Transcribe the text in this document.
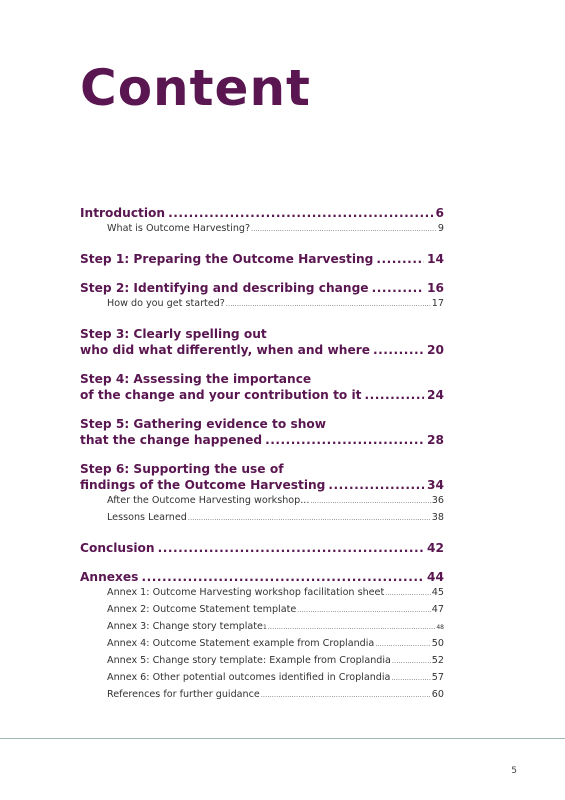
Content
Introduction .....	6
What is Outcome Harvesting? .....	9
Step 1: Preparing the Outcome Harvesting .....	14
Step 2: Identifying and describing change .....	16
How do you get started? .....	17
Step 3: Clearly spelling out
who did what differently, when and where .....	20
Step 4: Assessing the importance
of the change and your contribution to it .....	24
Step 5: Gathering evidence to show
that the change happened .....	28
Step 6: Supporting the use of
findings of the Outcome Harvesting .....	34
After the Outcome Harvesting workshop... .....	36
Lessons Learned .....	38
Conclusion .....	42
Annexes .....	44
Annex 1: Outcome Harvesting workshop facilitation sheet .....	45
Annex 2: Outcome Statement template .....	47
Annex 3: Change story template 1 .....	48
Annex 4: Outcome Statement example from Croplandia .....	50
Annex 5: Change story template: Example from Croplandia .....	52
Annex 6: Other potential outcomes identified in Croplandia .....	57
References for further guidance .....	60
5
